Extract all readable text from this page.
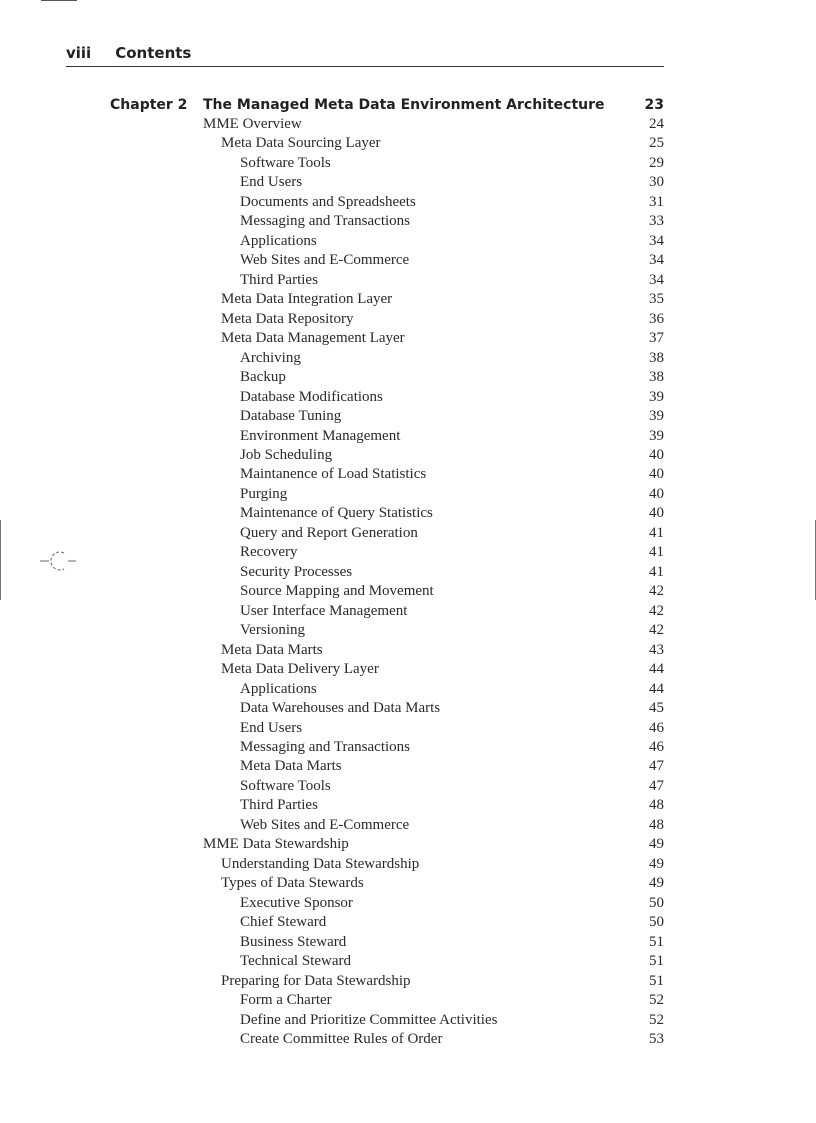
viii Contents
Chapter 2 The Managed Meta Data Environment Architecture	23
MME Overview	24
Meta Data Sourcing Layer	25
Software Tools	29
End Users	30
Documents and Spreadsheets	31
Messaging and Transactions	33
Applications	34
Web Sites and E-Commerce	34
Third Parties	34
Meta Data Integration Layer	35
Meta Data Repository	36
Meta Data Management Layer	37
Archiving	38
Backup	38
Database Modifications	39
Database Tuning	39
Environment Management	39
Job Scheduling	40
Maintanence of Load Statistics	40
Purging	40
Maintenance of Query Statistics	40
Query and Report Generation	41
Recovery	41
Security Processes	41
Source Mapping and Movement	42
User Interface Management	42
Versioning	42
Meta Data Marts	43
Meta Data Delivery Layer	44
Applications	44
Data Warehouses and Data Marts	45
End Users	46
Messaging and Transactions	46
Meta Data Marts	47
Software Tools	47
Third Parties	48
Web Sites and E-Commerce	48
MME Data Stewardship	49
Understanding Data Stewardship	49
Types of Data Stewards	49
Executive Sponsor	50
Chief Steward	50
Business Steward	51
Technical Steward	51
Preparing for Data Stewardship	51
Form a Charter	52
Define and Prioritize Committee Activities	52
Create Committee Rules of Order	53
